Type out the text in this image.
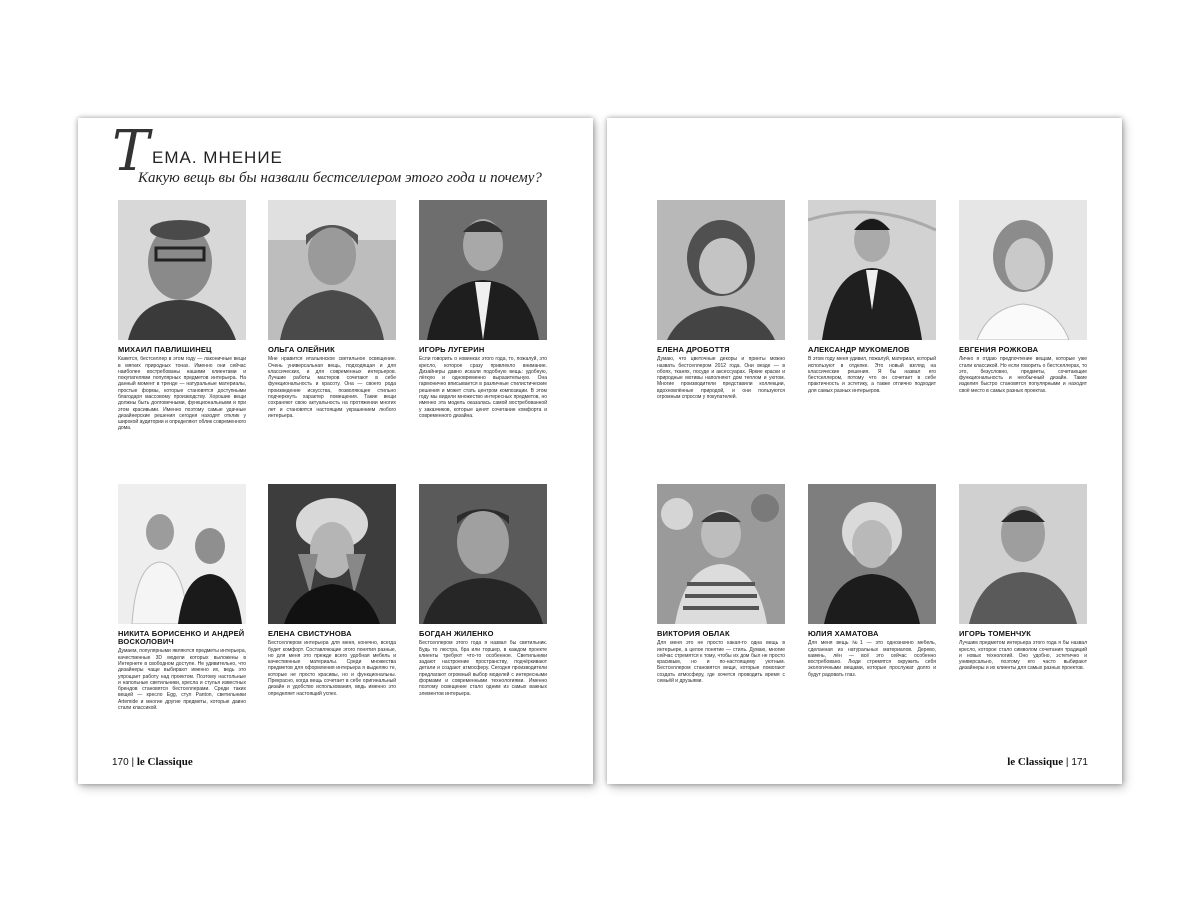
Т ЕМА. МНЕНИЕ
Какую вещь вы бы назвали бестселлером этого года и почему?
МИХАИЛ ПАВЛИШИНЕЦ
Кажется, бестселлер в этом году — лаконичные вещи в мягких природных тонах. Именно они сейчас наиболее востребованы нашими клиентами и покупателями популярных предметов интерьера. На данный момент в тренде — натуральные материалы, простые формы, которые становятся доступными благодаря массовому производству. Хорошие вещи должны быть долговечными, функциональными и при этом красивыми. Именно поэтому самые удачные дизайнерские решения сегодня находят отклик у широкой аудитории и определяют облик современного дома.
ОЛЬГА ОЛЕЙНИК
Мне нравится итальянское светильное освещение. Очень универсальная вещь, подходящая и для классических, и для современных интерьеров. Лучшие работы мастеров сочетают в себе функциональность и красоту. Она — своего рода произведение искусства, позволяющее стильно подчеркнуть характер помещения. Такие вещи сохраняют свою актуальность на протяжении многих лет и становятся настоящим украшением любого интерьера.
ИГОРЬ ЛУГЕРИН
Если говорить о новинках этого года, то, пожалуй, это кресло, которое сразу привлекло внимание. Дизайнеры давно искали подобную вещь: удобную, лёгкую и одновременно выразительную. Она гармонично вписывается в различные стилистические решения и может стать центром композиции. В этом году мы видели множество интересных предметов, но именно эта модель оказалась самой востребованной у заказчиков, которые ценят сочетание комфорта и современного дизайна.
НИКИТА БОРИСЕНКО И АНДРЕЙ ВОСКОЛОВИЧ
Думаем, популярными являются предметы интерьера, качественные 3D модели которых выложены в Интернете в свободном доступе. Не удивительно, что дизайнеры чаще выбирают именно их, ведь это упрощает работу над проектом. Поэтому настольные и напольные светильники, кресла и стулья известных брендов становятся бестселлерами. Среди таких вещей — кресло Egg, стул Panton, светильники Artemide и многие другие предметы, которые давно стали классикой.
ЕЛЕНА СВИСТУНОВА
Бестселлером интерьера для меня, конечно, всегда будет комфорт. Составляющие этого понятия разные, но для меня это прежде всего удобная мебель и качественные материалы. Среди множества предметов для оформления интерьера я выделяю те, которые не просто красивы, но и функциональны. Прекрасно, когда вещь сочетает в себе оригинальный дизайн и удобство использования, ведь именно это определяет настоящий успех.
БОГДАН ЖИЛЕНКО
Бестселлером этого года я назвал бы светильник. Будь то люстра, бра или торшер, в каждом проекте клиенты требуют что-то особенное. Светильники задают настроение пространству, подчёркивают детали и создают атмосферу. Сегодня производители предлагают огромный выбор моделей с интересными формами и современными технологиями. Именно поэтому освещение стало одним из самых важных элементов интерьера.
170 | le Classique
ЕЛЕНА ДРОБОТТЯ
Думаю, что цветочные декоры и принты можно назвать бестселлером 2012 года. Они везде — в обоях, тканях, посуде и аксессуарах. Яркие краски и природные мотивы наполняют дом теплом и уютом. Многие производители представили коллекции, вдохновлённые природой, и они пользуются огромным спросом у покупателей.
АЛЕКСАНДР МУКОМЕЛОВ
В этом году меня удивил, пожалуй, материал, который используют в отделке. Это новый взгляд на классические решения. Я бы назвал его бестселлером, потому что он сочетает в себе практичность и эстетику, а также отлично подходит для самых разных интерьеров.
ЕВГЕНИЯ РОЖКОВА
Лично я отдаю предпочтение вещам, которые уже стали классикой. Но если говорить о бестселлерах, то это, безусловно, предметы, сочетающие функциональность и необычный дизайн. Такие изделия быстро становятся популярными и находят своё место в самых разных проектах.
ВИКТОРИЯ ОБЛАК
Для меня это не просто какая-то одна вещь в интерьере, а целое понятие — стиль. Думаю, многие сейчас стремятся к тому, чтобы их дом был не просто красивым, но и по-настоящему уютным. Бестселлером становятся вещи, которые помогают создать атмосферу, где хочется проводить время с семьёй и друзьями.
ЮЛИЯ ХАМАТОВА
Для меня вещь №1 — это однозначно мебель, сделанная из натуральных материалов. Дерево, камень, лён — всё это сейчас особенно востребовано. Люди стремятся окружить себя экологичными вещами, которые прослужат долго и будут радовать глаз.
ИГОРЬ ТОМЕНЧУК
Лучшим предметом интерьера этого года я бы назвал кресло, которое стало символом сочетания традиций и новых технологий. Оно удобно, эстетично и универсально, поэтому его часто выбирают дизайнеры и их клиенты для самых разных проектов.
le Classique | 171
